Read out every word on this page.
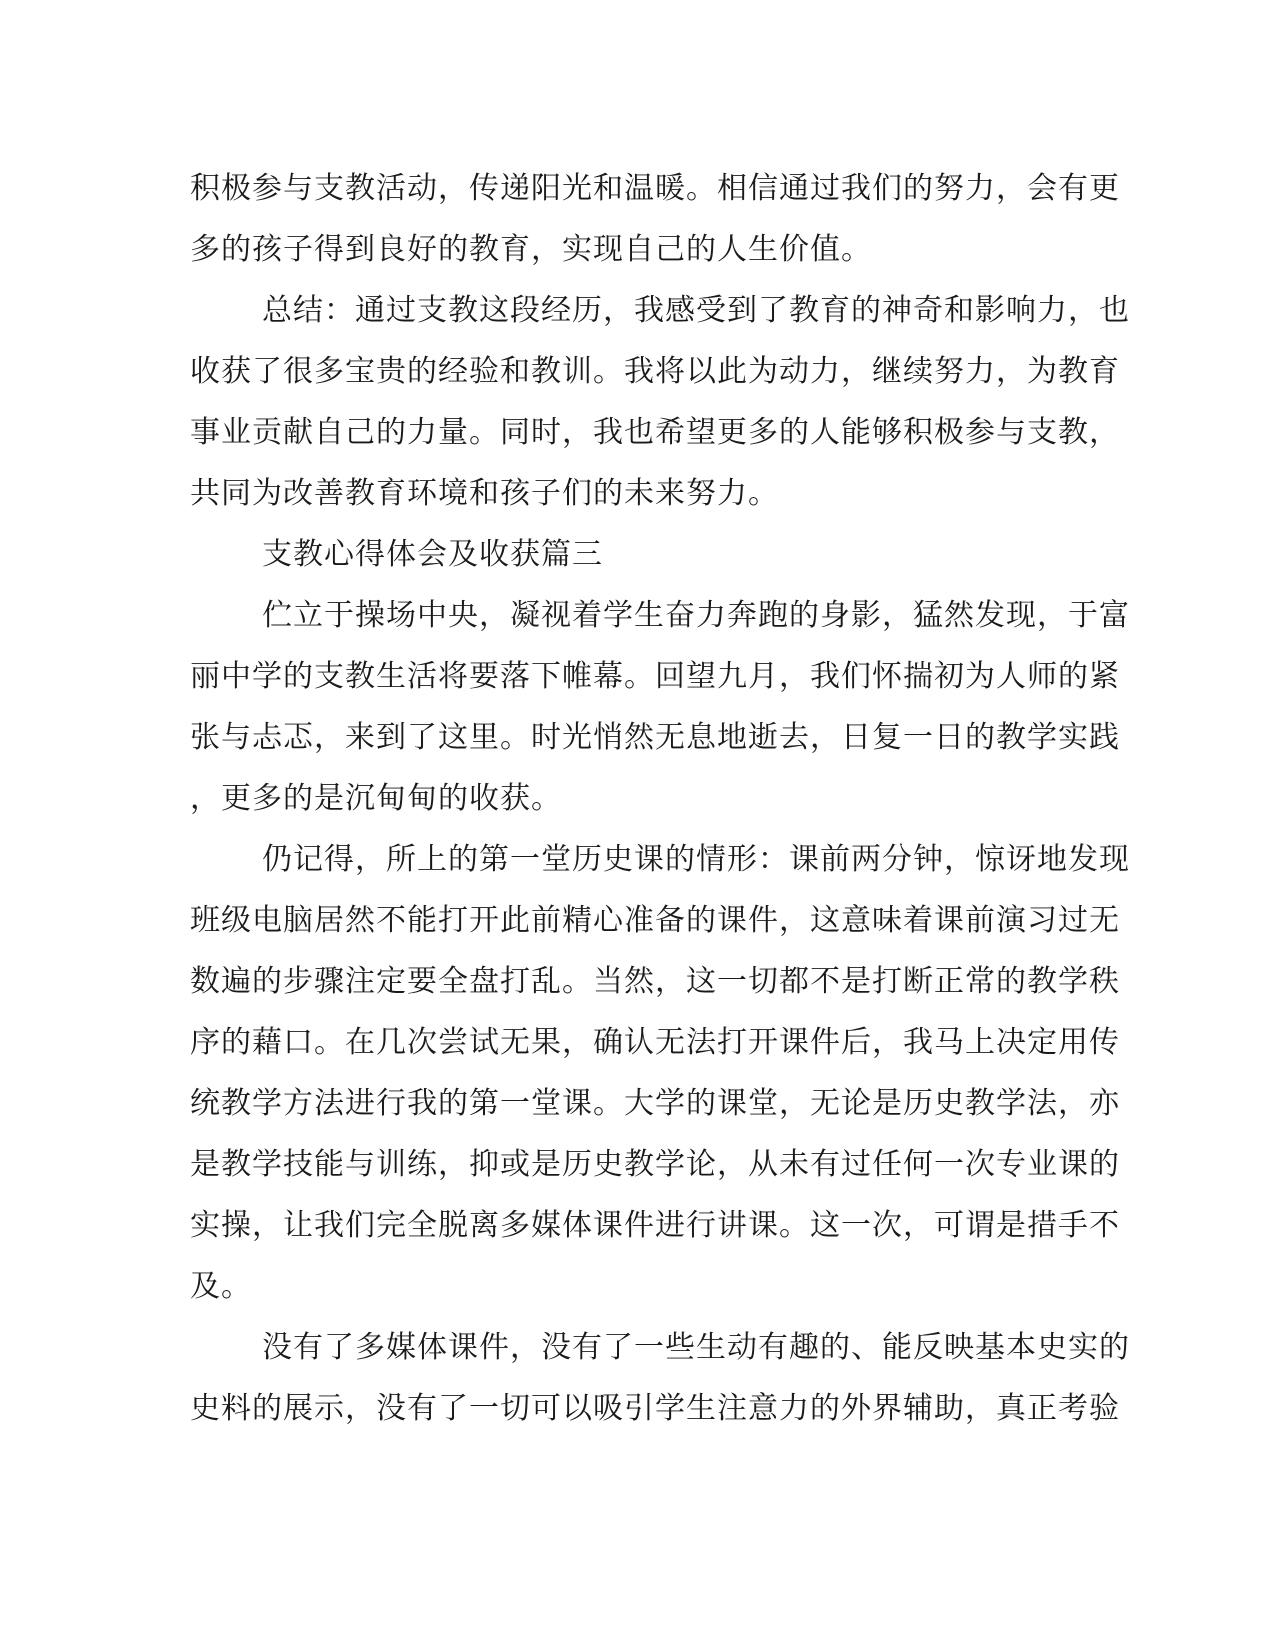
积极参与支教活动，传递阳光和温暖。相信通过我们的努力，会有更
多的孩子得到良好的教育，实现自己的人生价值。
总结：通过支教这段经历，我感受到了教育的神奇和影响力，也
收获了很多宝贵的经验和教训。我将以此为动力，继续努力，为教育
事业贡献自己的力量。同时，我也希望更多的人能够积极参与支教，
共同为改善教育环境和孩子们的未来努力。
支教心得体会及收获篇三
伫立于操场中央，凝视着学生奋力奔跑的身影，猛然发现，于富
丽中学的支教生活将要落下帷幕。回望九月，我们怀揣初为人师的紧
张与忐忑，来到了这里。时光悄然无息地逝去，日复一日的教学实践
，更多的是沉甸甸的收获。
仍记得，所上的第一堂历史课的情形：课前两分钟，惊讶地发现
班级电脑居然不能打开此前精心准备的课件，这意味着课前演习过无
数遍的步骤注定要全盘打乱。当然，这一切都不是打断正常的教学秩
序的藉口。在几次尝试无果，确认无法打开课件后，我马上决定用传
统教学方法进行我的第一堂课。大学的课堂，无论是历史教学法，亦
是教学技能与训练，抑或是历史教学论，从未有过任何一次专业课的
实操，让我们完全脱离多媒体课件进行讲课。这一次，可谓是措手不
及。
没有了多媒体课件，没有了一些生动有趣的、能反映基本史实的
史料的展示，没有了一切可以吸引学生注意力的外界辅助，真正考验
